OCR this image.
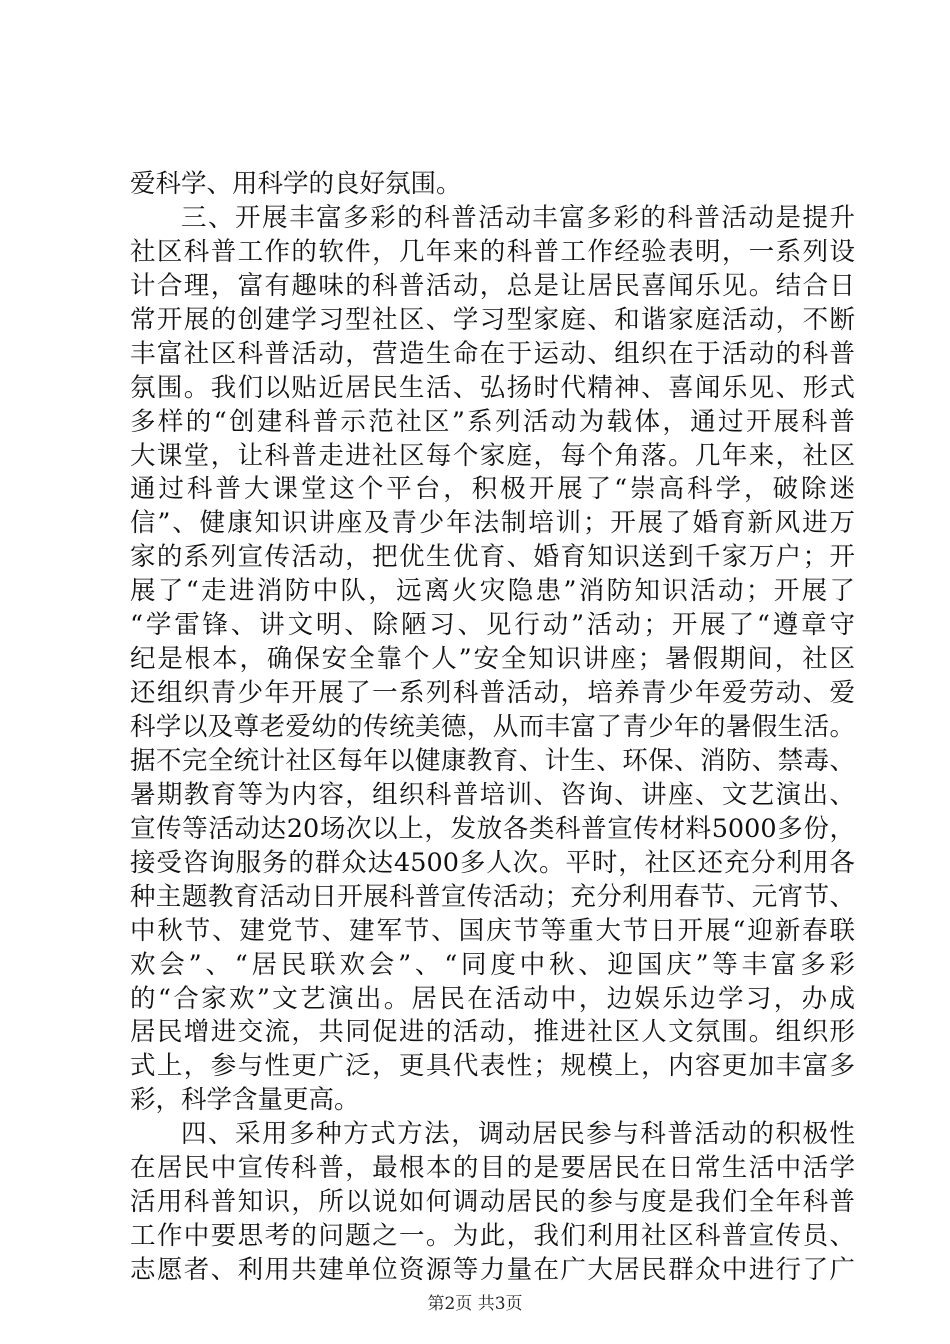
爱科学、用科学的良好氛围。
三、开展丰富多彩的科普活动丰富多彩的科普活动是提升
社区科普工作的软件，几年来的科普工作经验表明，一系列设
计合理，富有趣味的科普活动，总是让居民喜闻乐见。结合日
常开展的创建学习型社区、学习型家庭、和谐家庭活动，不断
丰富社区科普活动，营造生命在于运动、组织在于活动的科普
氛围。我们以贴近居民生活、弘扬时代精神、喜闻乐见、形式
多样的“创建科普示范社区”系列活动为载体，通过开展科普
大课堂，让科普走进社区每个家庭，每个角落。几年来，社区
通过科普大课堂这个平台，积极开展了“崇高科学，破除迷
信”、健康知识讲座及青少年法制培训；开展了婚育新风进万
家的系列宣传活动，把优生优育、婚育知识送到千家万户；开
展了“走进消防中队，远离火灾隐患”消防知识活动；开展了
“学雷锋、讲文明、除陋习、见行动”活动；开展了“遵章守
纪是根本，确保安全靠个人”安全知识讲座；暑假期间，社区
还组织青少年开展了一系列科普活动，培养青少年爱劳动、爱
科学以及尊老爱幼的传统美德，从而丰富了青少年的暑假生活。
据不完全统计社区每年以健康教育、计生、环保、消防、禁毒、
暑期教育等为内容，组织科普培训、咨询、讲座、文艺演出、
宣传等活动达20场次以上，发放各类科普宣传材料5000多份，
接受咨询服务的群众达4500多人次。平时，社区还充分利用各
种主题教育活动日开展科普宣传活动；充分利用春节、元宵节、
中秋节、建党节、建军节、国庆节等重大节日开展“迎新春联
欢会”、“居民联欢会”、“同度中秋、迎国庆”等丰富多彩
的“合家欢”文艺演出。居民在活动中，边娱乐边学习，办成
居民增进交流，共同促进的活动，推进社区人文氛围。组织形
式上，参与性更广泛，更具代表性；规模上，内容更加丰富多
彩，科学含量更高。
四、采用多种方式方法，调动居民参与科普活动的积极性
在居民中宣传科普，最根本的目的是要居民在日常生活中活学
活用科普知识，所以说如何调动居民的参与度是我们全年科普
工作中要思考的问题之一。为此，我们利用社区科普宣传员、
志愿者、利用共建单位资源等力量在广大居民群众中进行了广
第2页 共3页
